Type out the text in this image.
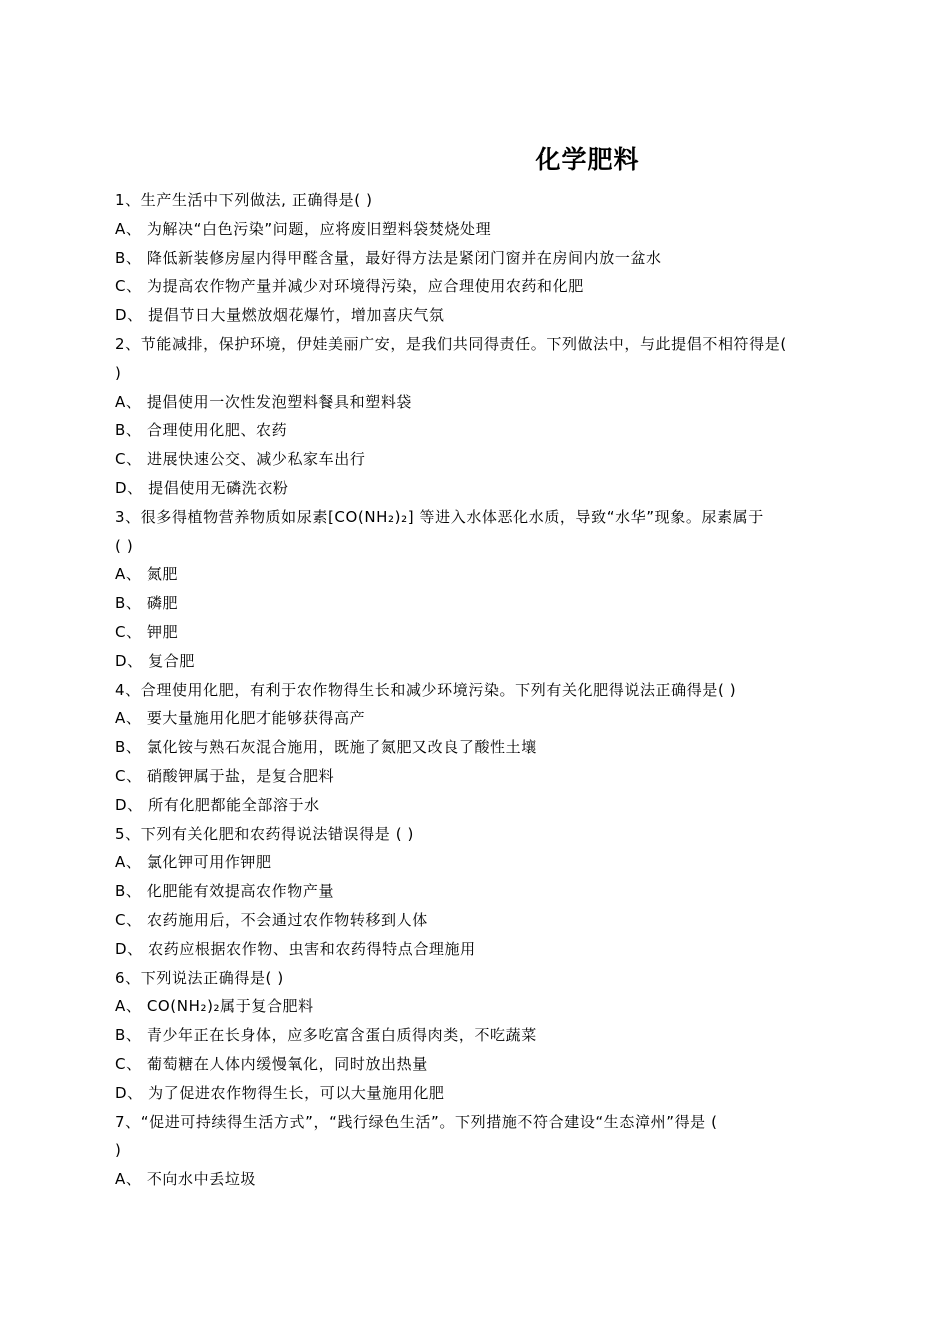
化学肥料
1、生产生活中下列做法, 正确得是( )
A、 为解决“白色污染”问题，应将废旧塑料袋焚烧处理
B、 降低新装修房屋内得甲醛含量，最好得方法是紧闭门窗并在房间内放一盆水
C、 为提高农作物产量并减少对环境得污染，应合理使用农药和化肥
D、 提倡节日大量燃放烟花爆竹，增加喜庆气氛
2、节能减排，保护环境，伊娃美丽广安，是我们共同得责任。下列做法中，与此提倡不相符得是(
)
A、 提倡使用一次性发泡塑料餐具和塑料袋
B、 合理使用化肥、农药
C、 进展快速公交、减少私家车出行
D、 提倡使用无磷洗衣粉
3、很多得植物营养物质如尿素[CO(NH₂)₂] 等进入水体恶化水质，导致“水华”现象。尿素属于
( )
A、 氮肥
B、 磷肥
C、 钾肥
D、 复合肥
4、合理使用化肥，有利于农作物得生长和减少环境污染。下列有关化肥得说法正确得是( )
A、 要大量施用化肥才能够获得高产
B、 氯化铵与熟石灰混合施用，既施了氮肥又改良了酸性土壤
C、 硝酸钾属于盐，是复合肥料
D、 所有化肥都能全部溶于水
5、下列有关化肥和农药得说法错误得是 ( )
A、 氯化钾可用作钾肥
B、 化肥能有效提高农作物产量
C、 农药施用后，不会通过农作物转移到人体
D、 农药应根据农作物、虫害和农药得特点合理施用
6、下列说法正确得是( )
A、 CO(NH₂)₂属于复合肥料
B、 青少年正在长身体，应多吃富含蛋白质得肉类，不吃蔬菜
C、 葡萄糖在人体内缓慢氧化，同时放出热量
D、 为了促进农作物得生长，可以大量施用化肥
7、“促进可持续得生活方式”，“践行绿色生活”。下列措施不符合建设“生态漳州”得是 (
)
A、 不向水中丢垃圾
